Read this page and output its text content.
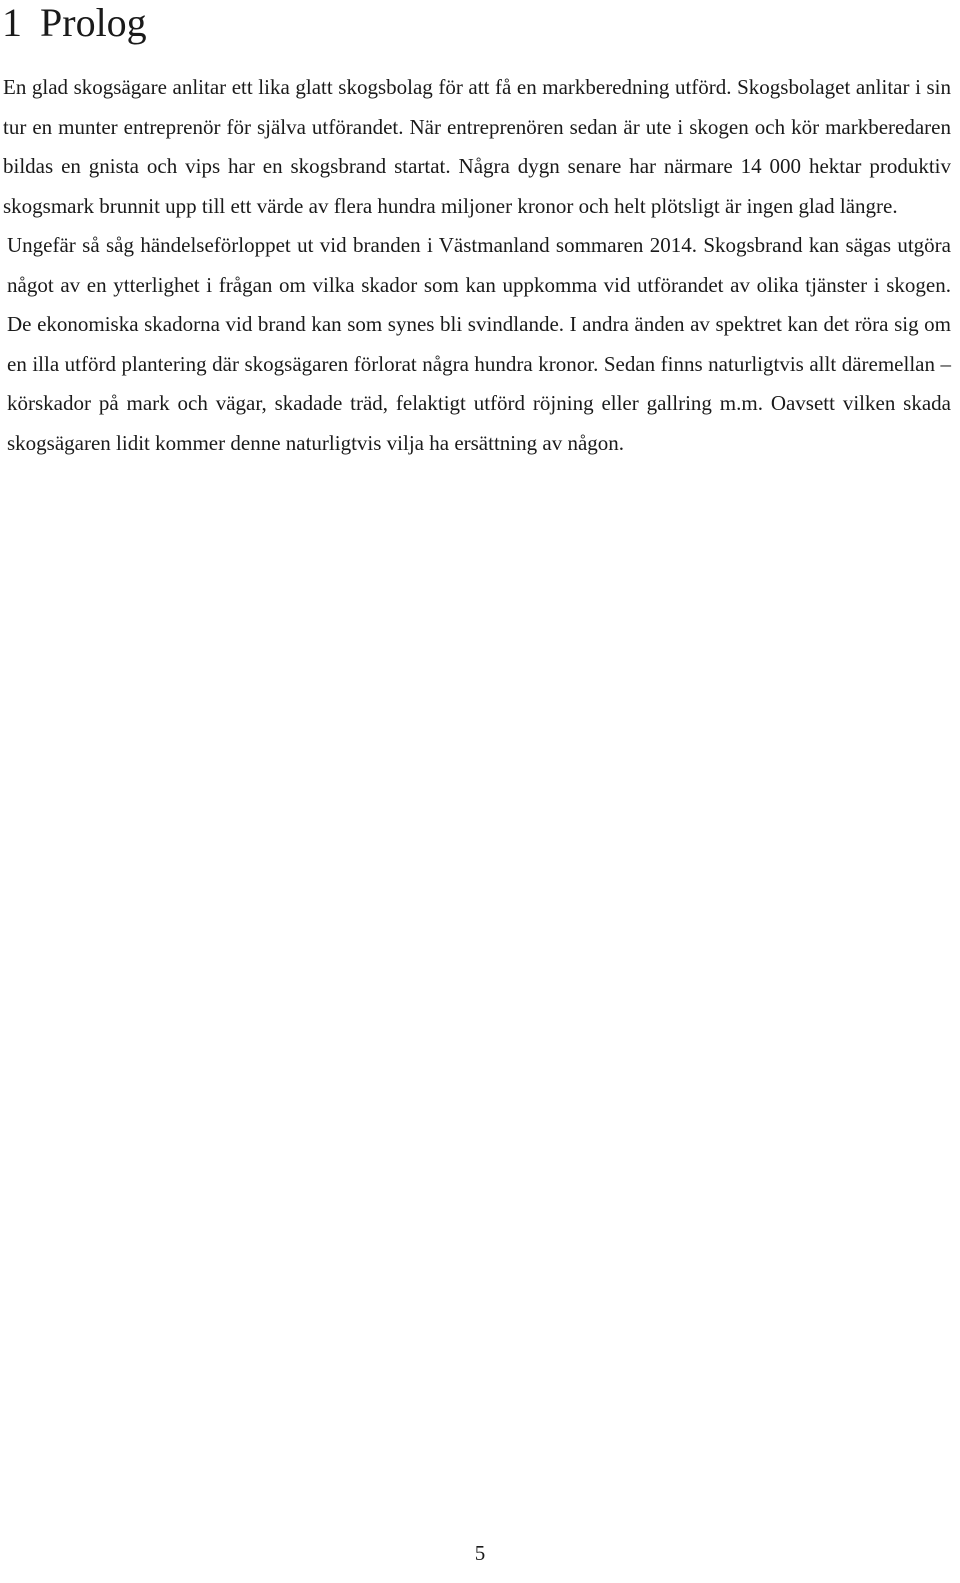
1 Prolog

En glad skogsägare anlitar ett lika glatt skogsbolag för att få en markberedning utförd. Skogsbolaget anlitar i sin tur en munter entreprenör för själva utförandet. När entreprenören sedan är ute i skogen och kör markberedaren bildas en gnista och vips har en skogsbrand startat. Några dygn senare har närmare 14 000 hektar produktiv skogsmark brunnit upp till ett värde av flera hundra miljoner kronor och helt plötsligt är ingen glad längre.

Ungefär så såg händelseförloppet ut vid branden i Västmanland sommaren 2014. Skogsbrand kan sägas utgöra något av en ytterlighet i frågan om vilka skador som kan uppkomma vid utförandet av olika tjänster i skogen. De ekonomiska skadorna vid brand kan som synes bli svindlande. I andra änden av spektret kan det röra sig om en illa utförd plantering där skogsägaren förlorat några hundra kronor. Sedan finns naturligtvis allt däremellan – körskador på mark och vägar, skadade träd, felaktigt utförd röjning eller gallring m.m. Oavsett vilken skada skogsägaren lidit kommer denne naturligtvis vilja ha ersättning av någon.

5
